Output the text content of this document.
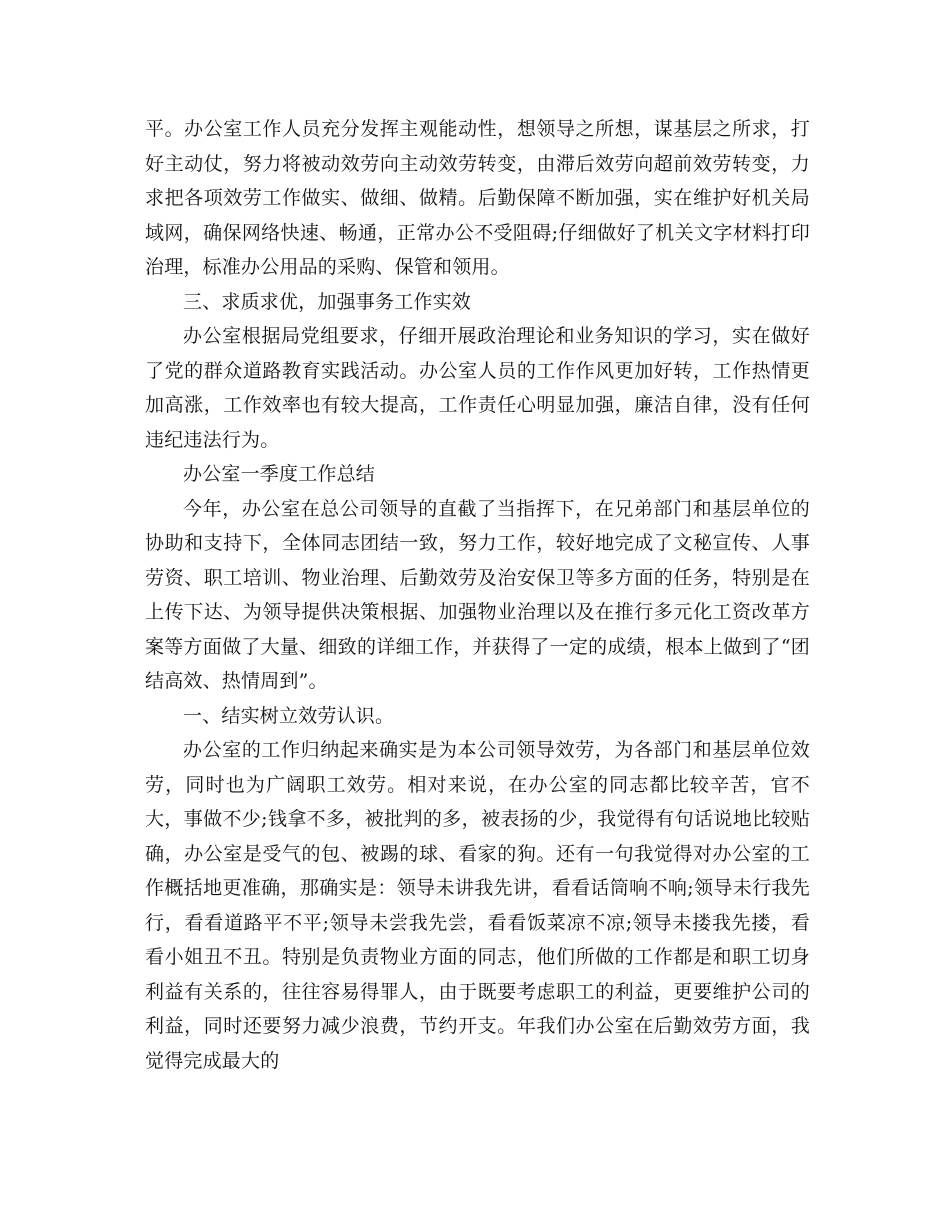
平。办公室工作人员充分发挥主观能动性，想领导之所想，谋基层之所求，打好主动仗，努力将被动效劳向主动效劳转变，由滞后效劳向超前效劳转变，力求把各项效劳工作做实、做细、做精。后勤保障不断加强，实在维护好机关局域网，确保网络快速、畅通，正常办公不受阻碍;仔细做好了机关文字材料打印治理，标准办公用品的采购、保管和领用。

三、求质求优，加强事务工作实效

办公室根据局党组要求，仔细开展政治理论和业务知识的学习，实在做好了党的群众道路教育实践活动。办公室人员的工作作风更加好转，工作热情更加高涨，工作效率也有较大提高，工作责任心明显加强，廉洁自律，没有任何违纪违法行为。

办公室一季度工作总结

今年，办公室在总公司领导的直截了当指挥下，在兄弟部门和基层单位的协助和支持下，全体同志团结一致，努力工作，较好地完成了文秘宣传、人事劳资、职工培训、物业治理、后勤效劳及治安保卫等多方面的任务，特别是在上传下达、为领导提供决策根据、加强物业治理以及在推行多元化工资改革方案等方面做了大量、细致的详细工作，并获得了一定的成绩，根本上做到了“团结高效、热情周到”。

一、结实树立效劳认识。

办公室的工作归纳起来确实是为本公司领导效劳，为各部门和基层单位效劳，同时也为广阔职工效劳。相对来说，在办公室的同志都比较辛苦，官不大，事做不少;钱拿不多，被批判的多，被表扬的少，我觉得有句话说地比较贴确，办公室是受气的包、被踢的球、看家的狗。还有一句我觉得对办公室的工作概括地更准确，那确实是：领导未讲我先讲，看看话筒响不响;领导未行我先行，看看道路平不平;领导未尝我先尝，看看饭菜凉不凉;领导未搂我先搂，看看小姐丑不丑。特别是负责物业方面的同志，他们所做的工作都是和职工切身利益有关系的，往往容易得罪人，由于既要考虑职工的利益，更要维护公司的利益，同时还要努力减少浪费，节约开支。年我们办公室在后勤效劳方面，我觉得完成最大的
